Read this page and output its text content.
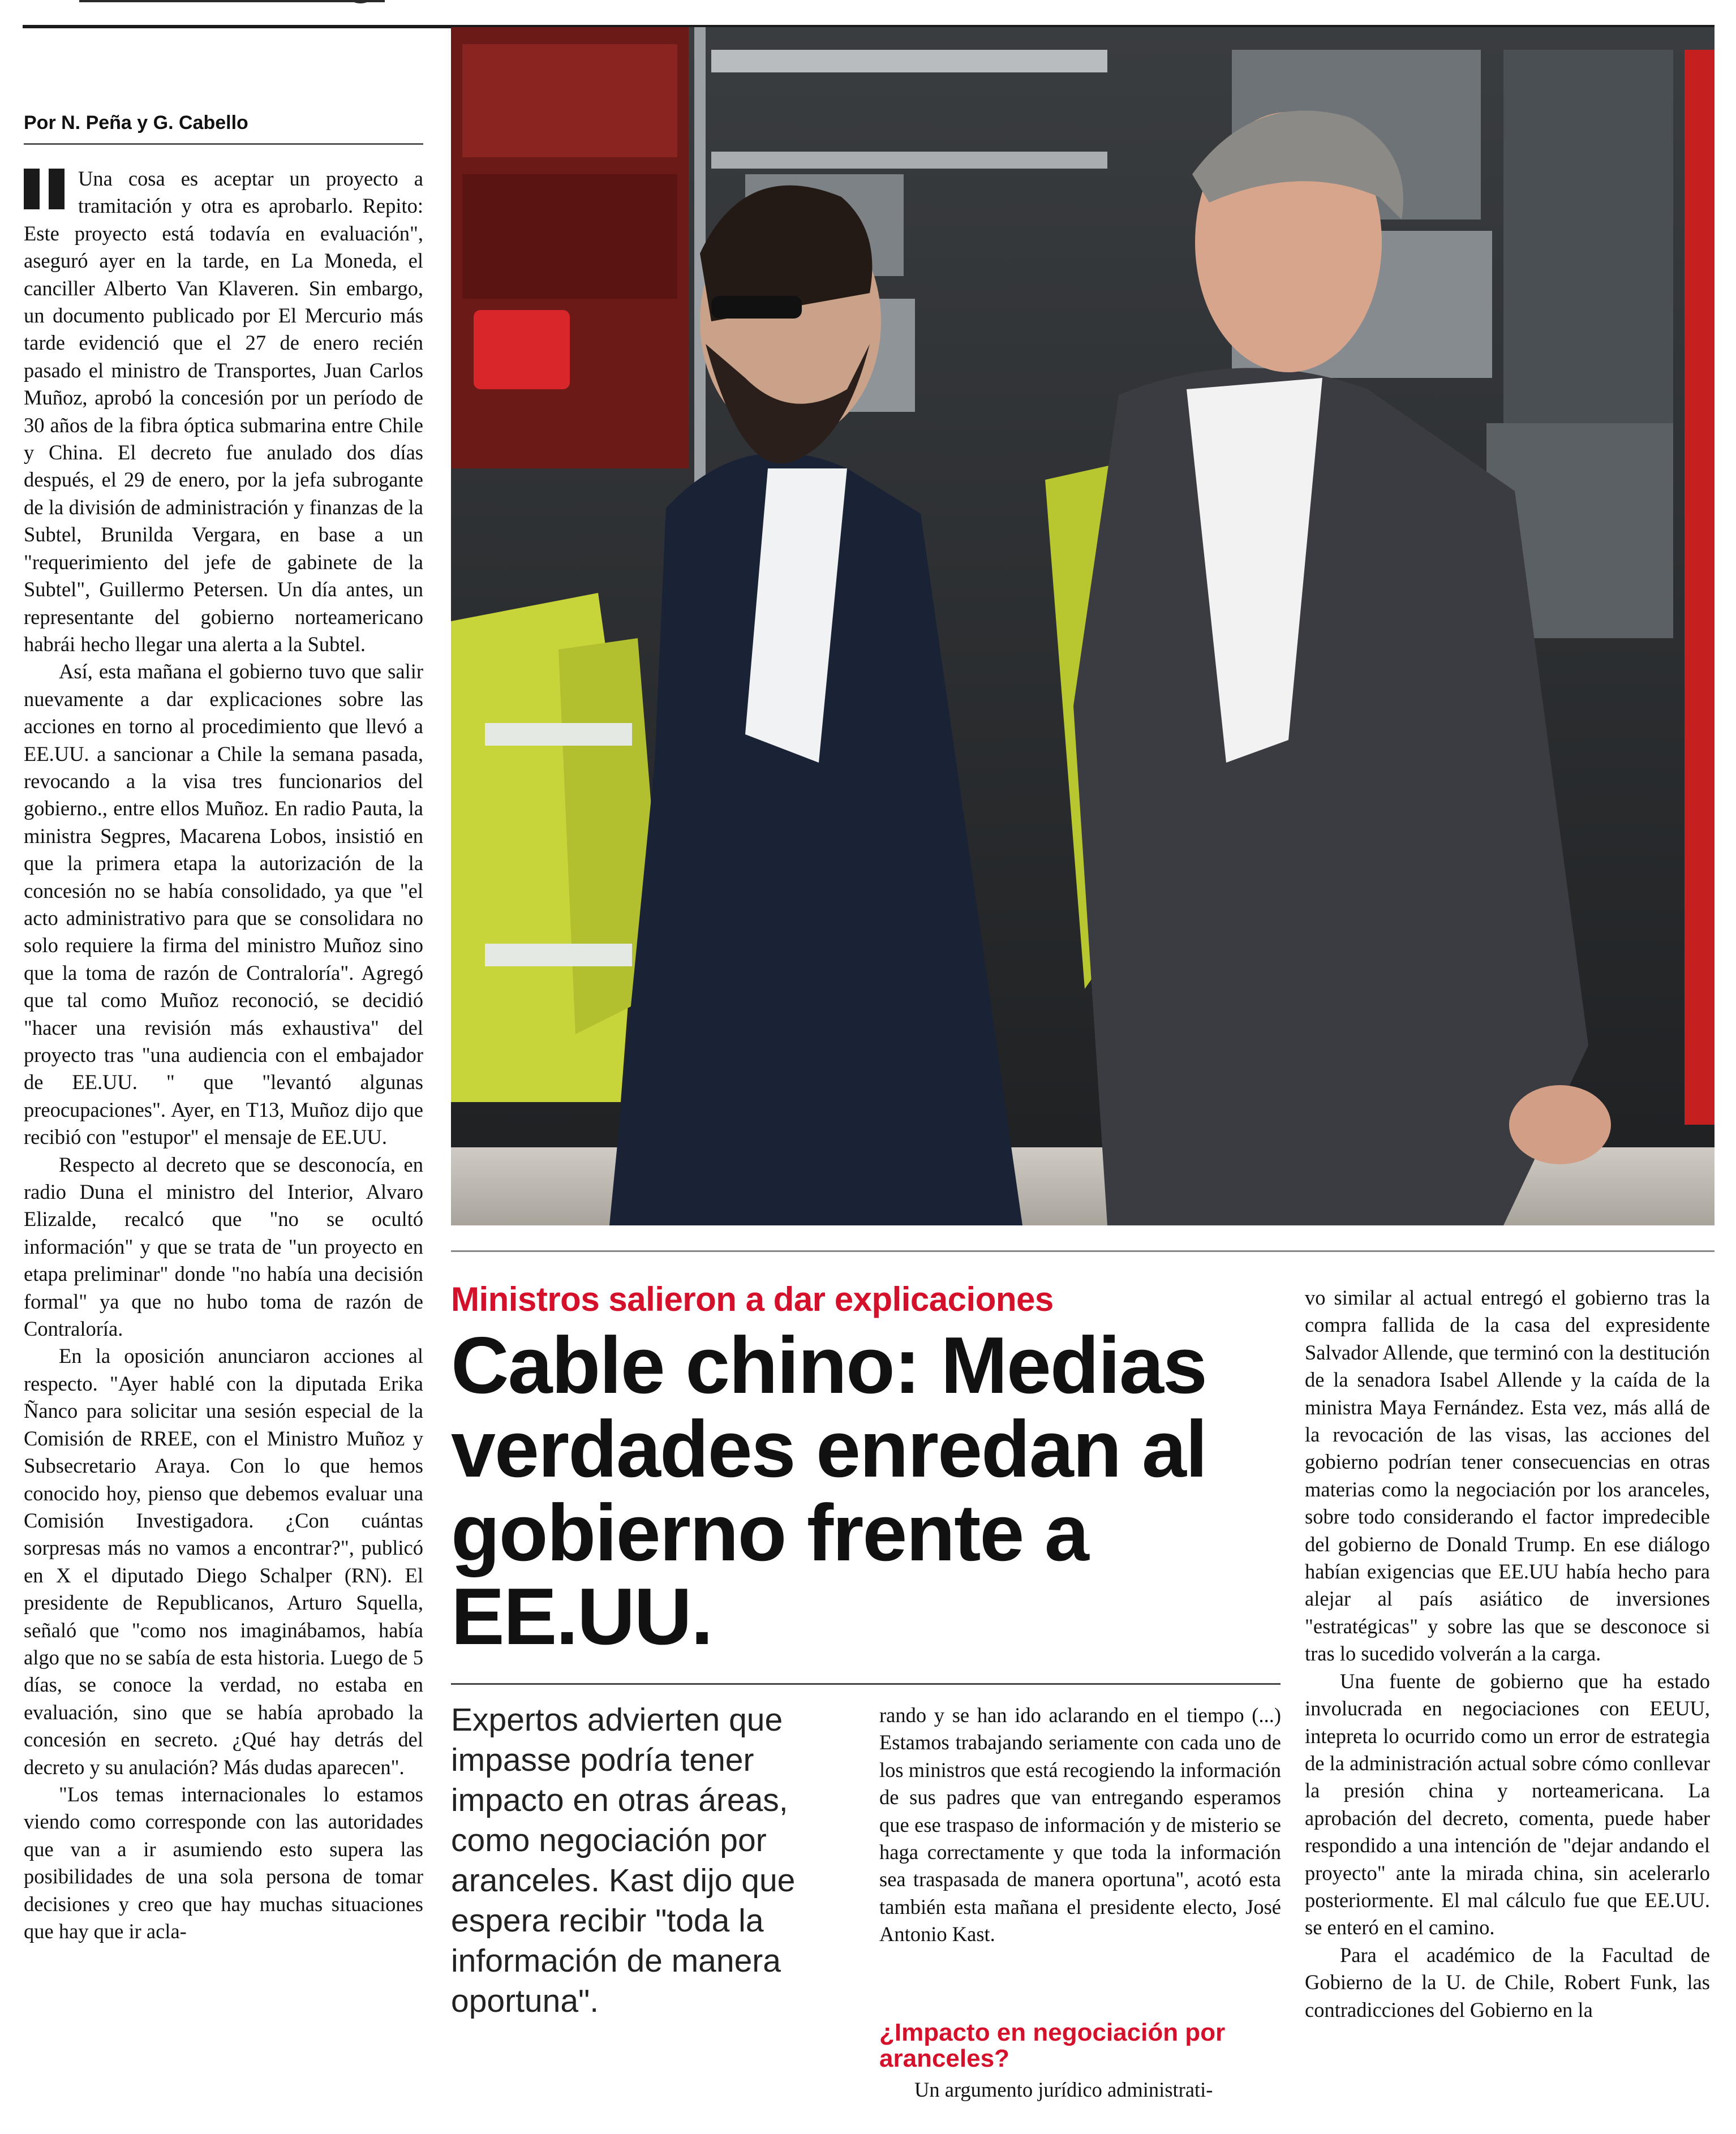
Por N. Peña y G. Cabello

Una cosa es aceptar un proyecto a tramitación y otra es aprobarlo. Repito: Este proyecto está todavía en evaluación", aseguró ayer en la tarde, en La Moneda, el canciller Alberto Van Klaveren. Sin embargo, un documento publicado por El Mercurio más tarde evidenció que el 27 de enero recién pasado el ministro de Transportes, Juan Carlos Muñoz, aprobó la concesión por un período de 30 años de la fibra óptica submarina entre Chile y China. El decreto fue anulado dos días después, el 29 de enero, por la jefa subrogante de la división de administración y finanzas de la Subtel, Brunilda Vergara, en base a un "requerimiento del jefe de gabinete de la Subtel", Guillermo Petersen. Un día antes, un representante del gobierno norteamericano habrái hecho llegar una alerta a la Subtel.

Así, esta mañana el gobierno tuvo que salir nuevamente a dar explicaciones sobre las acciones en torno al procedimiento que llevó a EE.UU. a sancionar a Chile la semana pasada, revocando a la visa tres funcionarios del gobierno., entre ellos Muñoz. En radio Pauta, la ministra Segpres, Macarena Lobos, insistió en que la primera etapa la autorización de la concesión no se había consolidado, ya que "el acto administrativo para que se consolidara no solo requiere la firma del ministro Muñoz sino que la toma de razón de Contraloría". Agregó que tal como Muñoz reconoció, se decidió "hacer una revisión más exhaustiva" del proyecto tras "una audiencia con el embajador de EE.UU. " que "levantó algunas preocupaciones". Ayer, en T13, Muñoz dijo que recibió con "estupor" el mensaje de EE.UU.

Respecto al decreto que se desconocía, en radio Duna el ministro del Interior, Alvaro Elizalde, recalcó que "no se ocultó información" y que se trata de "un proyecto en etapa preliminar" donde "no había una decisión formal" ya que no hubo toma de razón de Contraloría.

En la oposición anunciaron acciones al respecto. "Ayer hablé con la diputada Erika Ñanco para solicitar una sesión especial de la Comisión de RREE, con el Ministro Muñoz y Subsecretario Araya. Con lo que hemos conocido hoy, pienso que debemos evaluar una Comisión Investigadora. ¿Con cuántas sorpresas más no vamos a encontrar?", publicó en X el diputado Diego Schalper (RN). El presidente de Republicanos, Arturo Squella, señaló que "como nos imaginábamos, había algo que no se sabía de esta historia. Luego de 5 días, se conoce la verdad, no estaba en evaluación, sino que se había aprobado la concesión en secreto. ¿Qué hay detrás del decreto y su anulación? Más dudas aparecen".

"Los temas internacionales lo estamos viendo como corresponde con las autoridades que van a ir asumiendo esto supera las posibilidades de una sola persona de tomar decisiones y creo que hay muchas situaciones que hay que ir acla-

Ministros salieron a dar explicaciones
Cable chino: Medias verdades enredan al gobierno frente a EE.UU.
Expertos advierten que impasse podría tener impacto en otras áreas, como negociación por aranceles. Kast dijo que espera recibir "toda la información de manera oportuna".

rando y se han ido aclarando en el tiempo (...) Estamos trabajando seriamente con cada uno de los ministros que está recogiendo la información de sus padres que van entregando esperamos que ese traspaso de información y de misterio se haga correctamente y que toda la información sea traspasada de manera oportuna", acotó esta también esta mañana el presidente electo, José Antonio Kast.

¿Impacto en negociación por aranceles?

Un argumento jurídico administrati-

vo similar al actual entregó el gobierno tras la compra fallida de la casa del expresidente Salvador Allende, que terminó con la destitución de la senadora Isabel Allende y la caída de la ministra Maya Fernández. Esta vez, más allá de la revocación de las visas, las acciones del gobierno podrían tener consecuencias en otras materias como la negociación por los aranceles, sobre todo considerando el factor impredecible del gobierno de Donald Trump. En ese diálogo habían exigencias que EE.UU había hecho para alejar al país asiático de inversiones "estratégicas" y sobre las que se desconoce si tras lo sucedido volverán a la carga.

Una fuente de gobierno que ha estado involucrada en negociaciones con EEUU, intepreta lo ocurrido como un error de estrategia de la administración actual sobre cómo conllevar la presión china y norteamericana. La aprobación del decreto, comenta, puede haber respondido a una intención de "dejar andando el proyecto" ante la mirada china, sin acelerarlo posteriormente. El mal cálculo fue que EE.UU. se enteró en el camino.

Para el académico de la Facultad de Gobierno de la U. de Chile, Robert Funk, las contradicciones del Gobierno en la
